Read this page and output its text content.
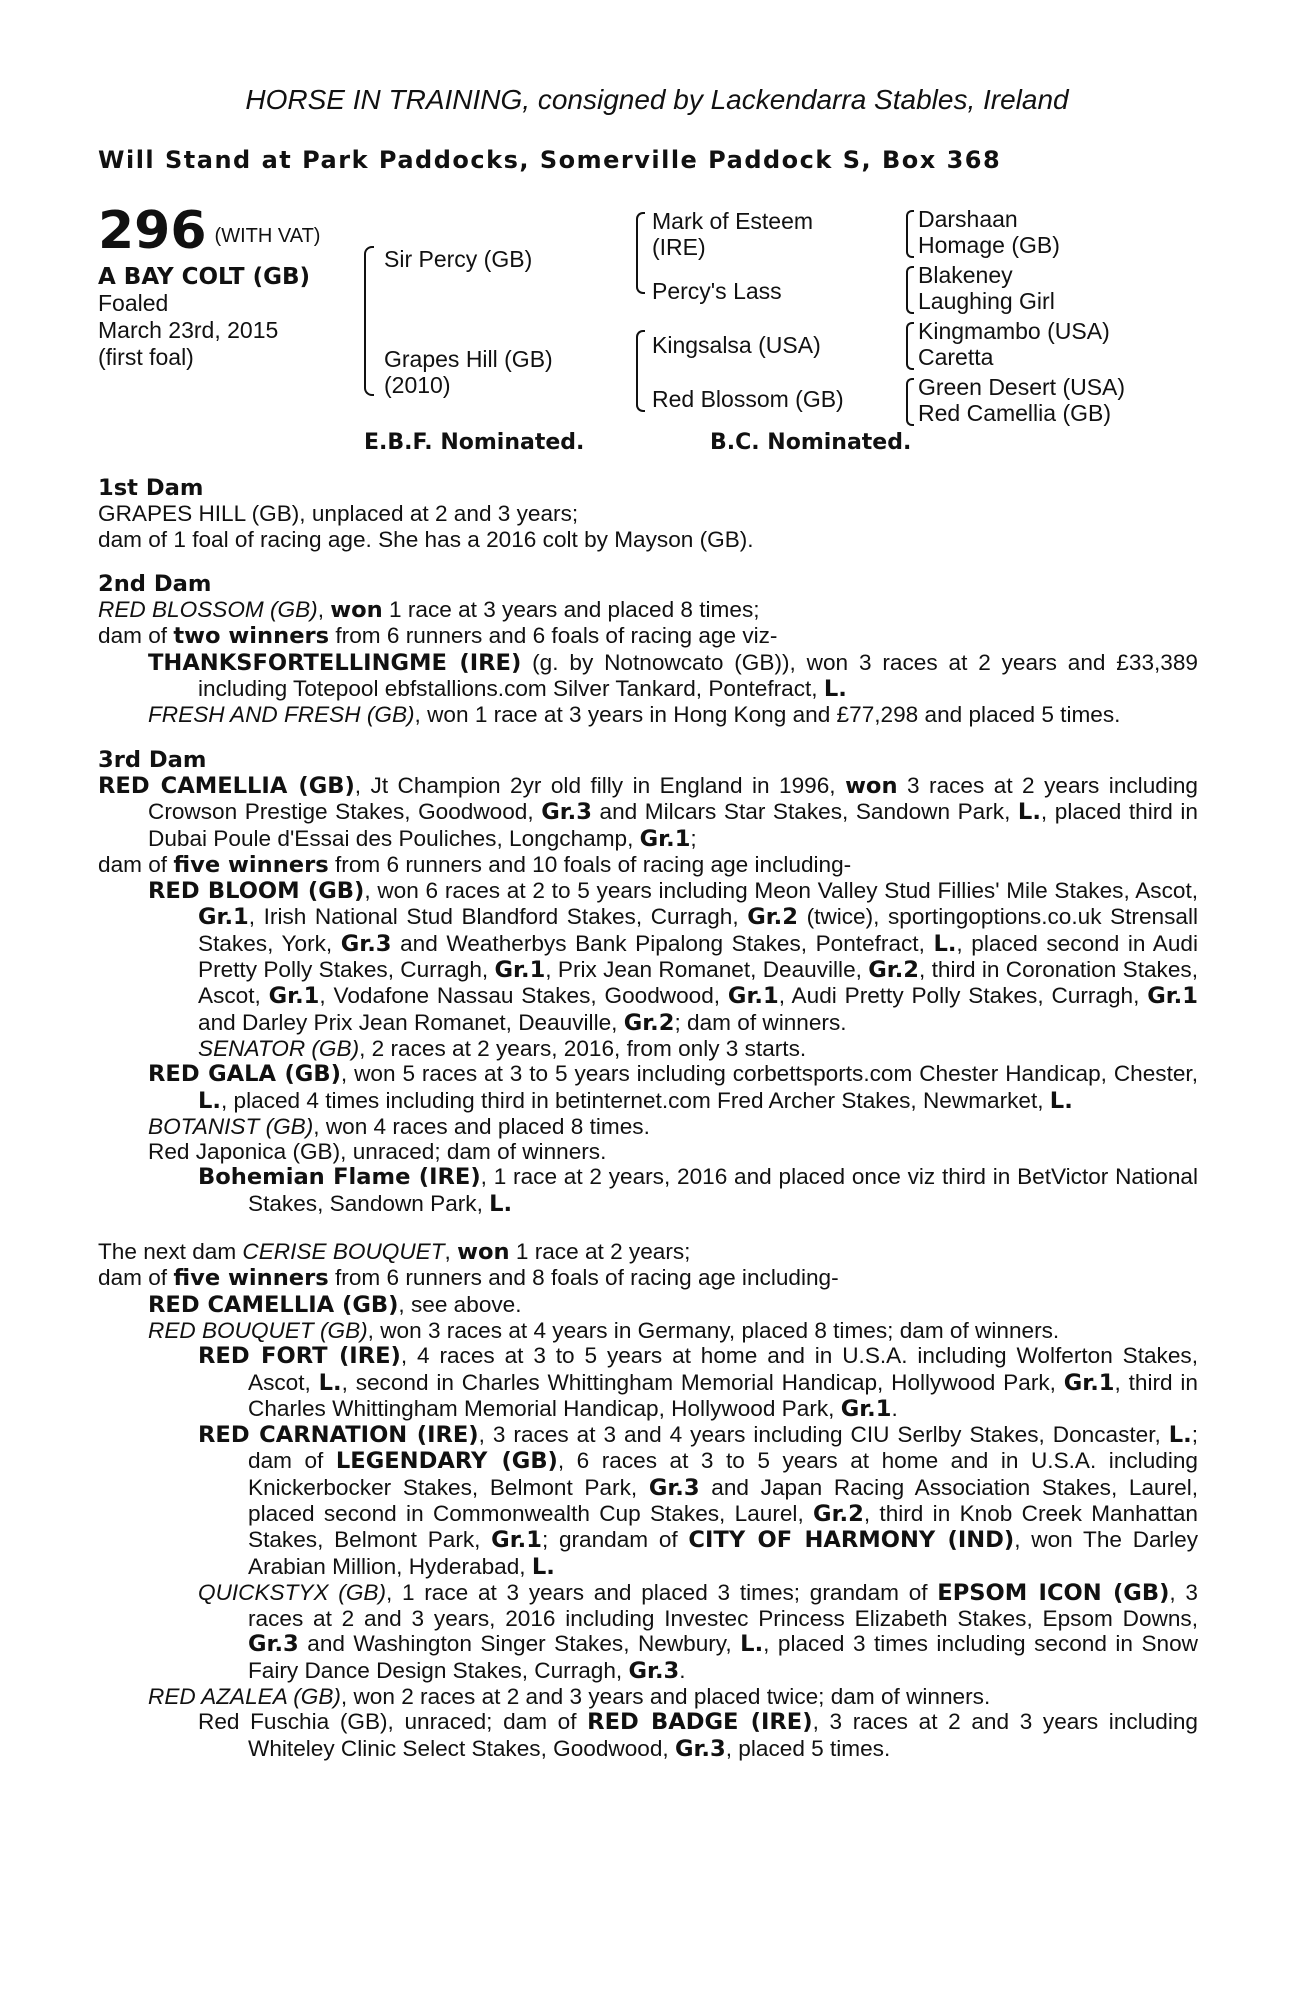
HORSE IN TRAINING, consigned by Lackendarra Stables, Ireland
Will Stand at Park Paddocks, Somerville Paddock S, Box 368
296 (WITH VAT)
A BAY COLT (GB)
Foaled
March 23rd, 2015
(first foal)
Sir Percy (GB)
Grapes Hill (GB)
(2010)
Mark of Esteem
(IRE)
Percy's Lass
Kingsalsa (USA)
Red Blossom (GB)
Darshaan
Homage (GB)
Blakeney
Laughing Girl
Kingmambo (USA)
Caretta
Green Desert (USA)
Red Camellia (GB)
E.B.F. Nominated.	B.C. Nominated.

1st Dam

GRAPES HILL (GB), unplaced at 2 and 3 years;

dam of 1 foal of racing age. She has a 2016 colt by Mayson (GB).

2nd Dam

RED BLOSSOM (GB), won 1 race at 3 years and placed 8 times;

dam of two winners from 6 runners and 6 foals of racing age viz-

THANKSFORTELLINGME (IRE) (g. by Notnowcato (GB)), won 3 races at 2 years and £33,389 including Totepool ebfstallions.com Silver Tankard, Pontefract, L.

FRESH AND FRESH (GB), won 1 race at 3 years in Hong Kong and £77,298 and placed 5 times.

3rd Dam

RED CAMELLIA (GB), Jt Champion 2yr old filly in England in 1996, won 3 races at 2 years including Crowson Prestige Stakes, Goodwood, Gr.3 and Milcars Star Stakes, Sandown Park, L., placed third in Dubai Poule d'Essai des Pouliches, Longchamp, Gr.1;

dam of five winners from 6 runners and 10 foals of racing age including-

RED BLOOM (GB), won 6 races at 2 to 5 years including Meon Valley Stud Fillies' Mile Stakes, Ascot, Gr.1, Irish National Stud Blandford Stakes, Curragh, Gr.2 (twice), sportingoptions.co.uk Strensall Stakes, York, Gr.3 and Weatherbys Bank Pipalong Stakes, Pontefract, L., placed second in Audi Pretty Polly Stakes, Curragh, Gr.1, Prix Jean Romanet, Deauville, Gr.2, third in Coronation Stakes, Ascot, Gr.1, Vodafone Nassau Stakes, Goodwood, Gr.1, Audi Pretty Polly Stakes, Curragh, Gr.1 and Darley Prix Jean Romanet, Deauville, Gr.2; dam of winners.

SENATOR (GB), 2 races at 2 years, 2016, from only 3 starts.

RED GALA (GB), won 5 races at 3 to 5 years including corbettsports.com Chester Handicap, Chester, L., placed 4 times including third in betinternet.com Fred Archer Stakes, Newmarket, L.

BOTANIST (GB), won 4 races and placed 8 times.

Red Japonica (GB), unraced; dam of winners.

Bohemian Flame (IRE), 1 race at 2 years, 2016 and placed once viz third in BetVictor National Stakes, Sandown Park, L.

The next dam CERISE BOUQUET, won 1 race at 2 years;

dam of five winners from 6 runners and 8 foals of racing age including-

RED CAMELLIA (GB), see above.

RED BOUQUET (GB), won 3 races at 4 years in Germany, placed 8 times; dam of winners.

RED FORT (IRE), 4 races at 3 to 5 years at home and in U.S.A. including Wolferton Stakes, Ascot, L., second in Charles Whittingham Memorial Handicap, Hollywood Park, Gr.1, third in Charles Whittingham Memorial Handicap, Hollywood Park, Gr.1.

RED CARNATION (IRE), 3 races at 3 and 4 years including CIU Serlby Stakes, Doncaster, L.; dam of LEGENDARY (GB), 6 races at 3 to 5 years at home and in U.S.A. including Knickerbocker Stakes, Belmont Park, Gr.3 and Japan Racing Association Stakes, Laurel, placed second in Commonwealth Cup Stakes, Laurel, Gr.2, third in Knob Creek Manhattan Stakes, Belmont Park, Gr.1; grandam of CITY OF HARMONY (IND), won The Darley Arabian Million, Hyderabad, L.

QUICKSTYX (GB), 1 race at 3 years and placed 3 times; grandam of EPSOM ICON (GB), 3 races at 2 and 3 years, 2016 including Investec Princess Elizabeth Stakes, Epsom Downs, Gr.3 and Washington Singer Stakes, Newbury, L., placed 3 times including second in Snow Fairy Dance Design Stakes, Curragh, Gr.3.

RED AZALEA (GB), won 2 races at 2 and 3 years and placed twice; dam of winners.

Red Fuschia (GB), unraced; dam of RED BADGE (IRE), 3 races at 2 and 3 years including Whiteley Clinic Select Stakes, Goodwood, Gr.3, placed 5 times.
